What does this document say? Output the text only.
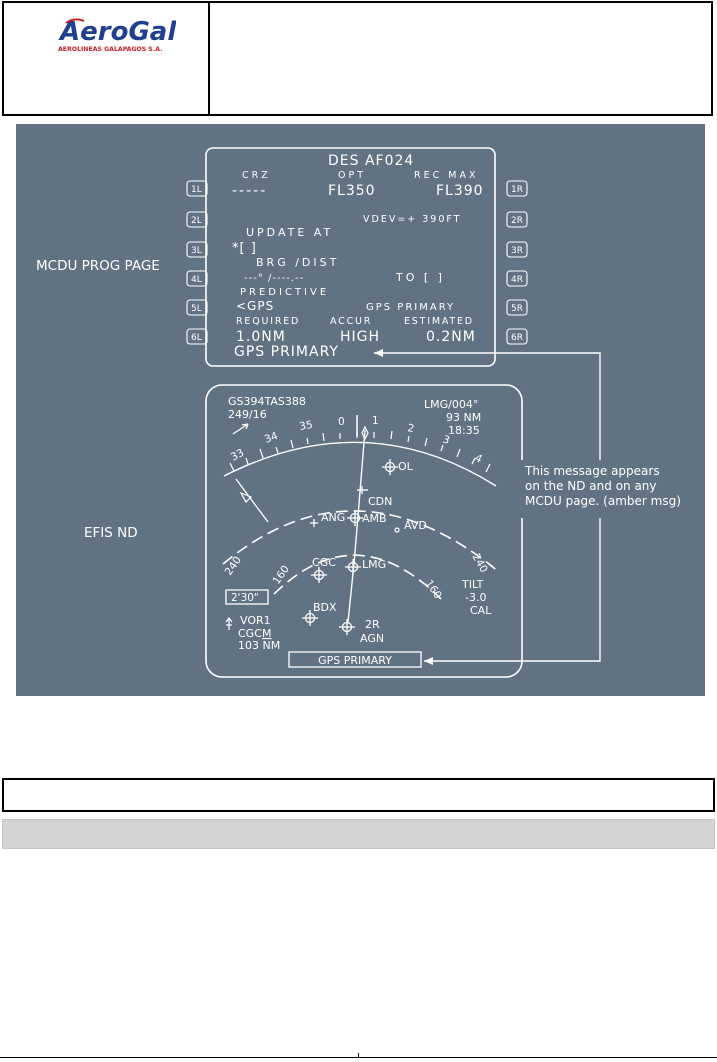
AeroGal
AEROLINEAS GALAPAGOS S.A.
MCDU PROG PAGE
EFIS ND
1L
2L
3L
4L
5L
6L
1R
2R
3R
4R
5R
6R
DES AF024
CRZ	OPT	REC MAX
-----	FL350	FL390
VDEV=+ 390FT
UPDATE AT
*[ ]
BRG /DIST
---° /----.--	TO [ ]
PREDICTIVE
<GPS	GPS PRIMARY
REQUIRED	ACCUR	ESTIMATED
1.0NM	HIGH	0.2NM
GPS PRIMARY
GS394TAS388
249/16
LMG/004°
93 NM
18:35
33
34
35 0	1
2
3
4
240	160
240
160
OL
CDN
ANG AMB
AVD
CGC LMG
BDX
2R
AGN
TILT
-3.0
CAL
2'30"
VOR1
CGC M
103 NM
GPS PRIMARY
This message appears on the ND and on any MCDU page. (amber msg)
